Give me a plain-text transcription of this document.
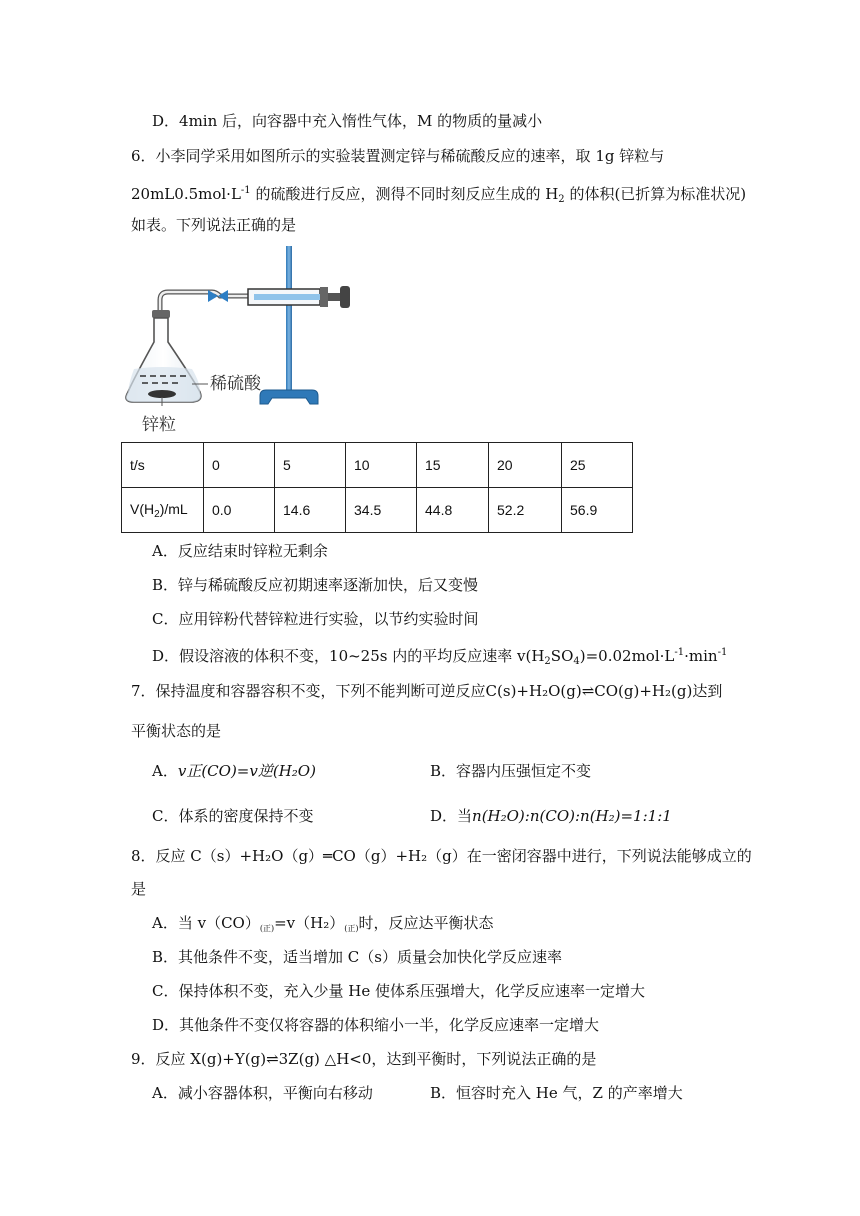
D．4min 后，向容器中充入惰性气体，M 的物质的量减小
6．小李同学采用如图所示的实验装置测定锌与稀硫酸反应的速率，取 1g 锌粒与
$20mL0.5mol\cdot L^{-1}$ 的硫酸进行反应，测得不同时刻反应生成的 $H_2$ 的体积(已折算为标准状况)
如表。下列说法正确的是
稀硫酸
锌粒
t/s	0	5	10	15	20	25
$V(H_2)/mL$	0.0	14.6	34.5	44.8	52.2	56.9
A．反应结束时锌粒无剩余
B．锌与稀硫酸反应初期速率逐渐加快，后又变慢
C．应用锌粉代替锌粒进行实验，以节约实验时间
D．假设溶液的体积不变，10~25s 内的平均反应速率 $v(H_2SO_4)=0.02mol\cdot L^{-1}\cdot\min^{-1}$
7．保持温度和容器容积不变，下列不能判断可逆反应C(s)+H₂O(g)⇌CO(g)+H₂(g)达到
平衡状态的是
A．v正(CO)=v逆(H₂O)	B．容器内压强恒定不变
C．体系的密度保持不变	D．当n(H₂O):n(CO):n(H₂)=1:1:1
8．反应 C（s）+H₂O（g）═CO（g）+H₂（g）在一密闭容器中进行，下列说法能够成立的
是
A．当 $v(CO)_{(正)}=v(H_2)_{(正)}$时，反应达平衡状态
B．其他条件不变，适当增加 C（s）质量会加快化学反应速率
C．保持体积不变，充入少量 He 使体系压强增大，化学反应速率一定增大
D．其他条件不变仅将容器的体积缩小一半，化学反应速率一定增大
9．反应 X(g)+Y(g)⇌3Z(g) △H<0，达到平衡时，下列说法正确的是
A．减小容器体积，平衡向右移动	B．恒容时充入 He 气，Z 的产率增大
